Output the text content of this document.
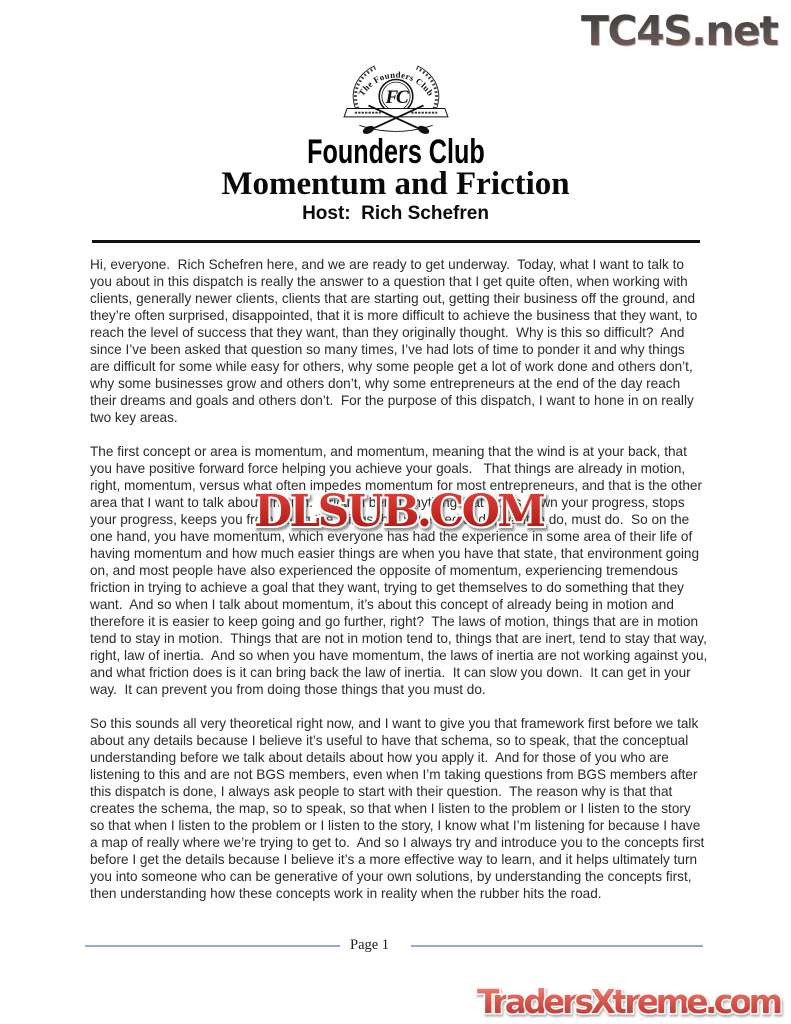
TC4S.net
The Founders Club
FC
Founders Club
Momentum and Friction
Host:  Rich Schefren

Hi, everyone.  Rich Schefren here, and we are ready to get underway.  Today, what I want to talk to you about in this dispatch is really the answer to a question that I get quite often, when working with clients, generally newer clients, clients that are starting out, getting their business off the ground, and they’re often surprised, disappointed, that it is more difficult to achieve the business that they want, to reach the level of success that they want, than they originally thought.  Why is this so difficult?  And since I’ve been asked that question so many times, I’ve had lots of time to ponder it and why things are difficult for some while easy for others, why some people get a lot of work done and others don’t, why some businesses grow and others don’t, why some entrepreneurs at the end of the day reach their dreams and goals and others don’t.  For the purpose of this dispatch, I want to hone in on really two key areas.

The first concept or area is momentum, and momentum, meaning that the wind is at your back, that you have positive forward force helping you achieve your goals.   That things are already in motion, right, momentum, versus what often impedes momentum for most entrepreneurs, and that is the other area that I want to talk about, friction.  Friction being anything that slows down your progress, stops your progress, keeps you from doing the things that you need to do, want to do, must do.  So on the one hand, you have momentum, which everyone has had the experience in some area of their life of having momentum and how much easier things are when you have that state, that environment going on, and most people have also experienced the opposite of momentum, experiencing tremendous friction in trying to achieve a goal that they want, trying to get themselves to do something that they want.  And so when I talk about momentum, it’s about this concept of already being in motion and therefore it is easier to keep going and go further, right?  The laws of motion, things that are in motion tend to stay in motion.  Things that are not in motion tend to, things that are inert, tend to stay that way, right, law of inertia.  And so when you have momentum, the laws of inertia are not working against you, and what friction does is it can bring back the law of inertia.  It can slow you down.  It can get in your way.  It can prevent you from doing those things that you must do.

So this sounds all very theoretical right now, and I want to give you that framework first before we talk about any details because I believe it’s useful to have that schema, so to speak, that the conceptual understanding before we talk about details about how you apply it.  And for those of you who are listening to this and are not BGS members, even when I’m taking questions from BGS members after this dispatch is done, I always ask people to start with their question.  The reason why is that that creates the schema, the map, so to speak, so that when I listen to the problem or I listen to the story so that when I listen to the problem or I listen to the story, I know what I’m listening for because I have a map of really where we’re trying to get to.  And so I always try and introduce you to the concepts first before I get the details because I believe it’s a more effective way to learn, and it helps ultimately turn you into someone who can be generative of your own solutions, by understanding the concepts first, then understanding how these concepts work in reality when the rubber hits the road.

DLSUB.COM
Page 1
TradersXtreme.com
